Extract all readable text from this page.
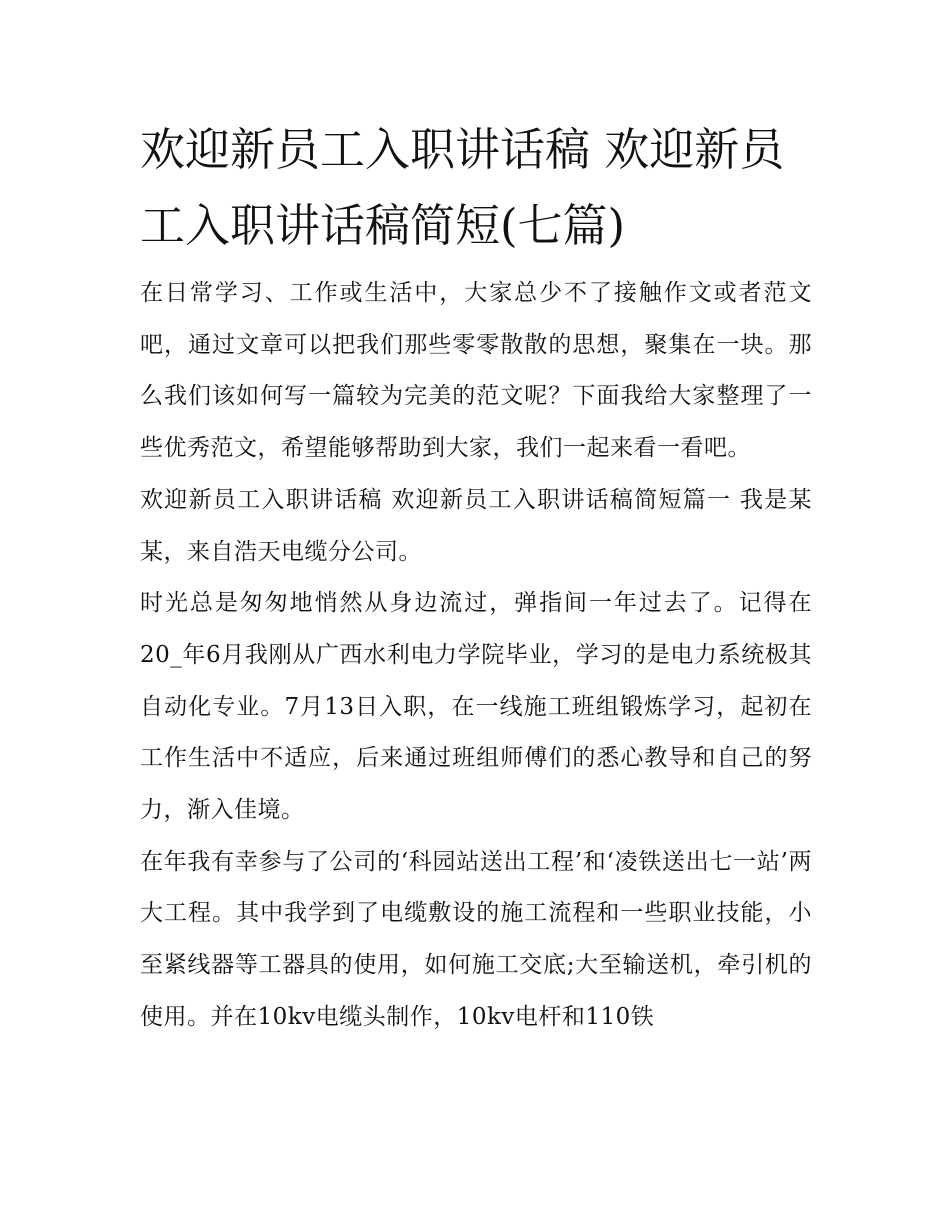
欢迎新员工入职讲话稿 欢迎新员工入职讲话稿简短(七篇)

在日常学习、工作或生活中，大家总少不了接触作文或者范文吧，通过文章可以把我们那些零零散散的思想，聚集在一块。那么我们该如何写一篇较为完美的范文呢？下面我给大家整理了一些优秀范文，希望能够帮助到大家，我们一起来看一看吧。

欢迎新员工入职讲话稿 欢迎新员工入职讲话稿简短篇一 我是某某，来自浩天电缆分公司。

时光总是匆匆地悄然从身边流过，弹指间一年过去了。记得在20_年6月我刚从广西水利电力学院毕业，学习的是电力系统极其自动化专业。7月13日入职，在一线施工班组锻炼学习，起初在工作生活中不适应，后来通过班组师傅们的悉心教导和自己的努力，渐入佳境。

在年我有幸参与了公司的‘科园站送出工程’和‘凌铁送出七一站’两大工程。其中我学到了电缆敷设的施工流程和一些职业技能，小至紧线器等工器具的使用，如何施工交底;大至输送机，牵引机的使用。并在10kv电缆头制作，10kv电杆和110铁
